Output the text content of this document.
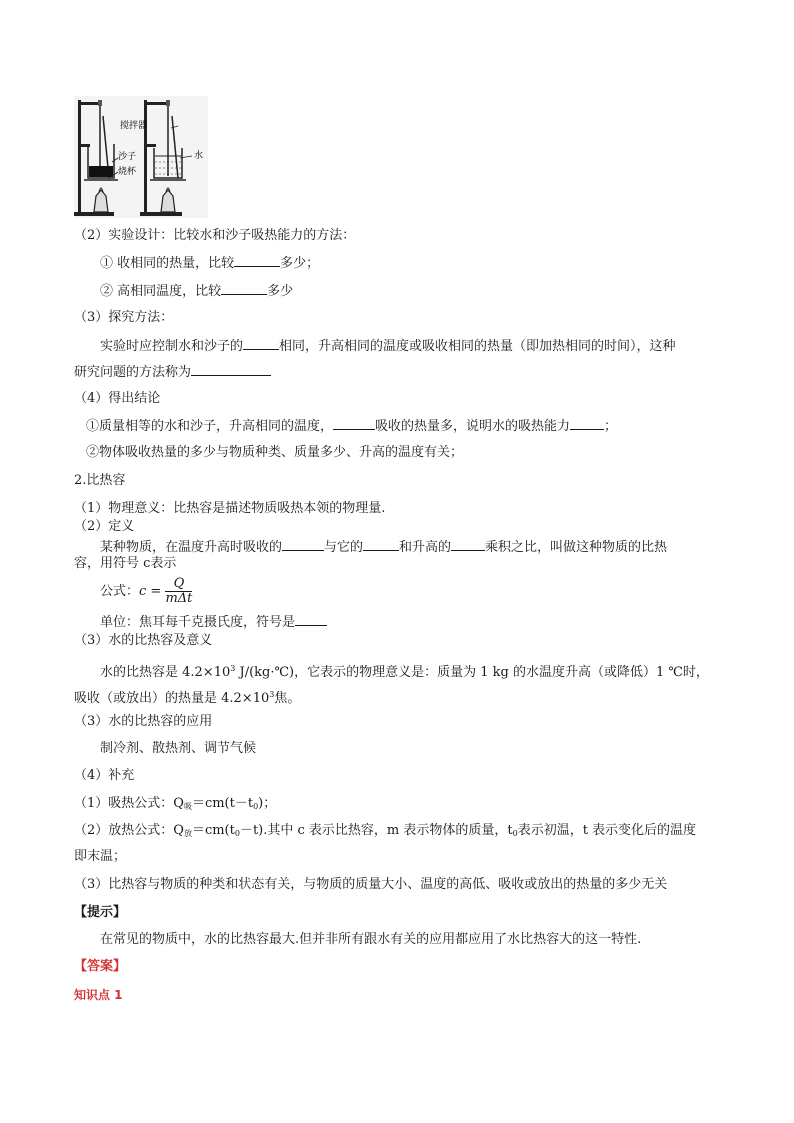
沙子
烧杯
搅拌器
水
（2）实验设计：比较水和沙子吸热能力的方法：
① 收相同的热量，比较	多少；
② 高相同温度，比较	多少
（3）探究方法：
实验时应控制水和沙子的	相同，升高相同的温度或吸收相同的热量（即加热相同的时间），这种
研究问题的方法称为
（4）得出结论
①质量相等的水和沙子，升高相同的温度，	吸收的热量多，说明水的吸热能力	；
②物体吸收热量的多少与物质种类、质量多少、升高的温度有关；
2.比热容
（1）物理意义：比热容是描述物质吸热本领的物理量.
（2）定义
某种物质，在温度升高时吸收的	与它的	和升高的	乘积之比，叫做这种物质的比热
容，用符号 c表示
公式：$c = \frac{Q}{\text{mΔt}}$
单位：焦耳每千克摄氏度，符号是
（3）水的比热容及意义
水的比热容是 $4.2\times 10^3$ J/(kg·℃)，它表示的物理意义是：质量为 1 kg 的水温度升高（或降低）1 ℃时，
吸收（或放出）的热量是 $4.2\times 10^3$焦。
（3）水的比热容的应用
制冷剂、散热剂、调节气候
（4）补充
（1）吸热公式：$Q_吸=cm(t-t_0)$；
（2）放热公式：$Q_放=cm(t_0-t)$.其中 c 表示比热容，m 表示物体的质量，$t_0$表示初温，t 表示变化后的温度
即末温；
（3）比热容与物质的种类和状态有关，与物质的质量大小、温度的高低、吸收或放出的热量的多少无关
【提示】
在常见的物质中，水的比热容最大.但并非所有跟水有关的应用都应用了水比热容大的这一特性.
【答案】
知识点 1
